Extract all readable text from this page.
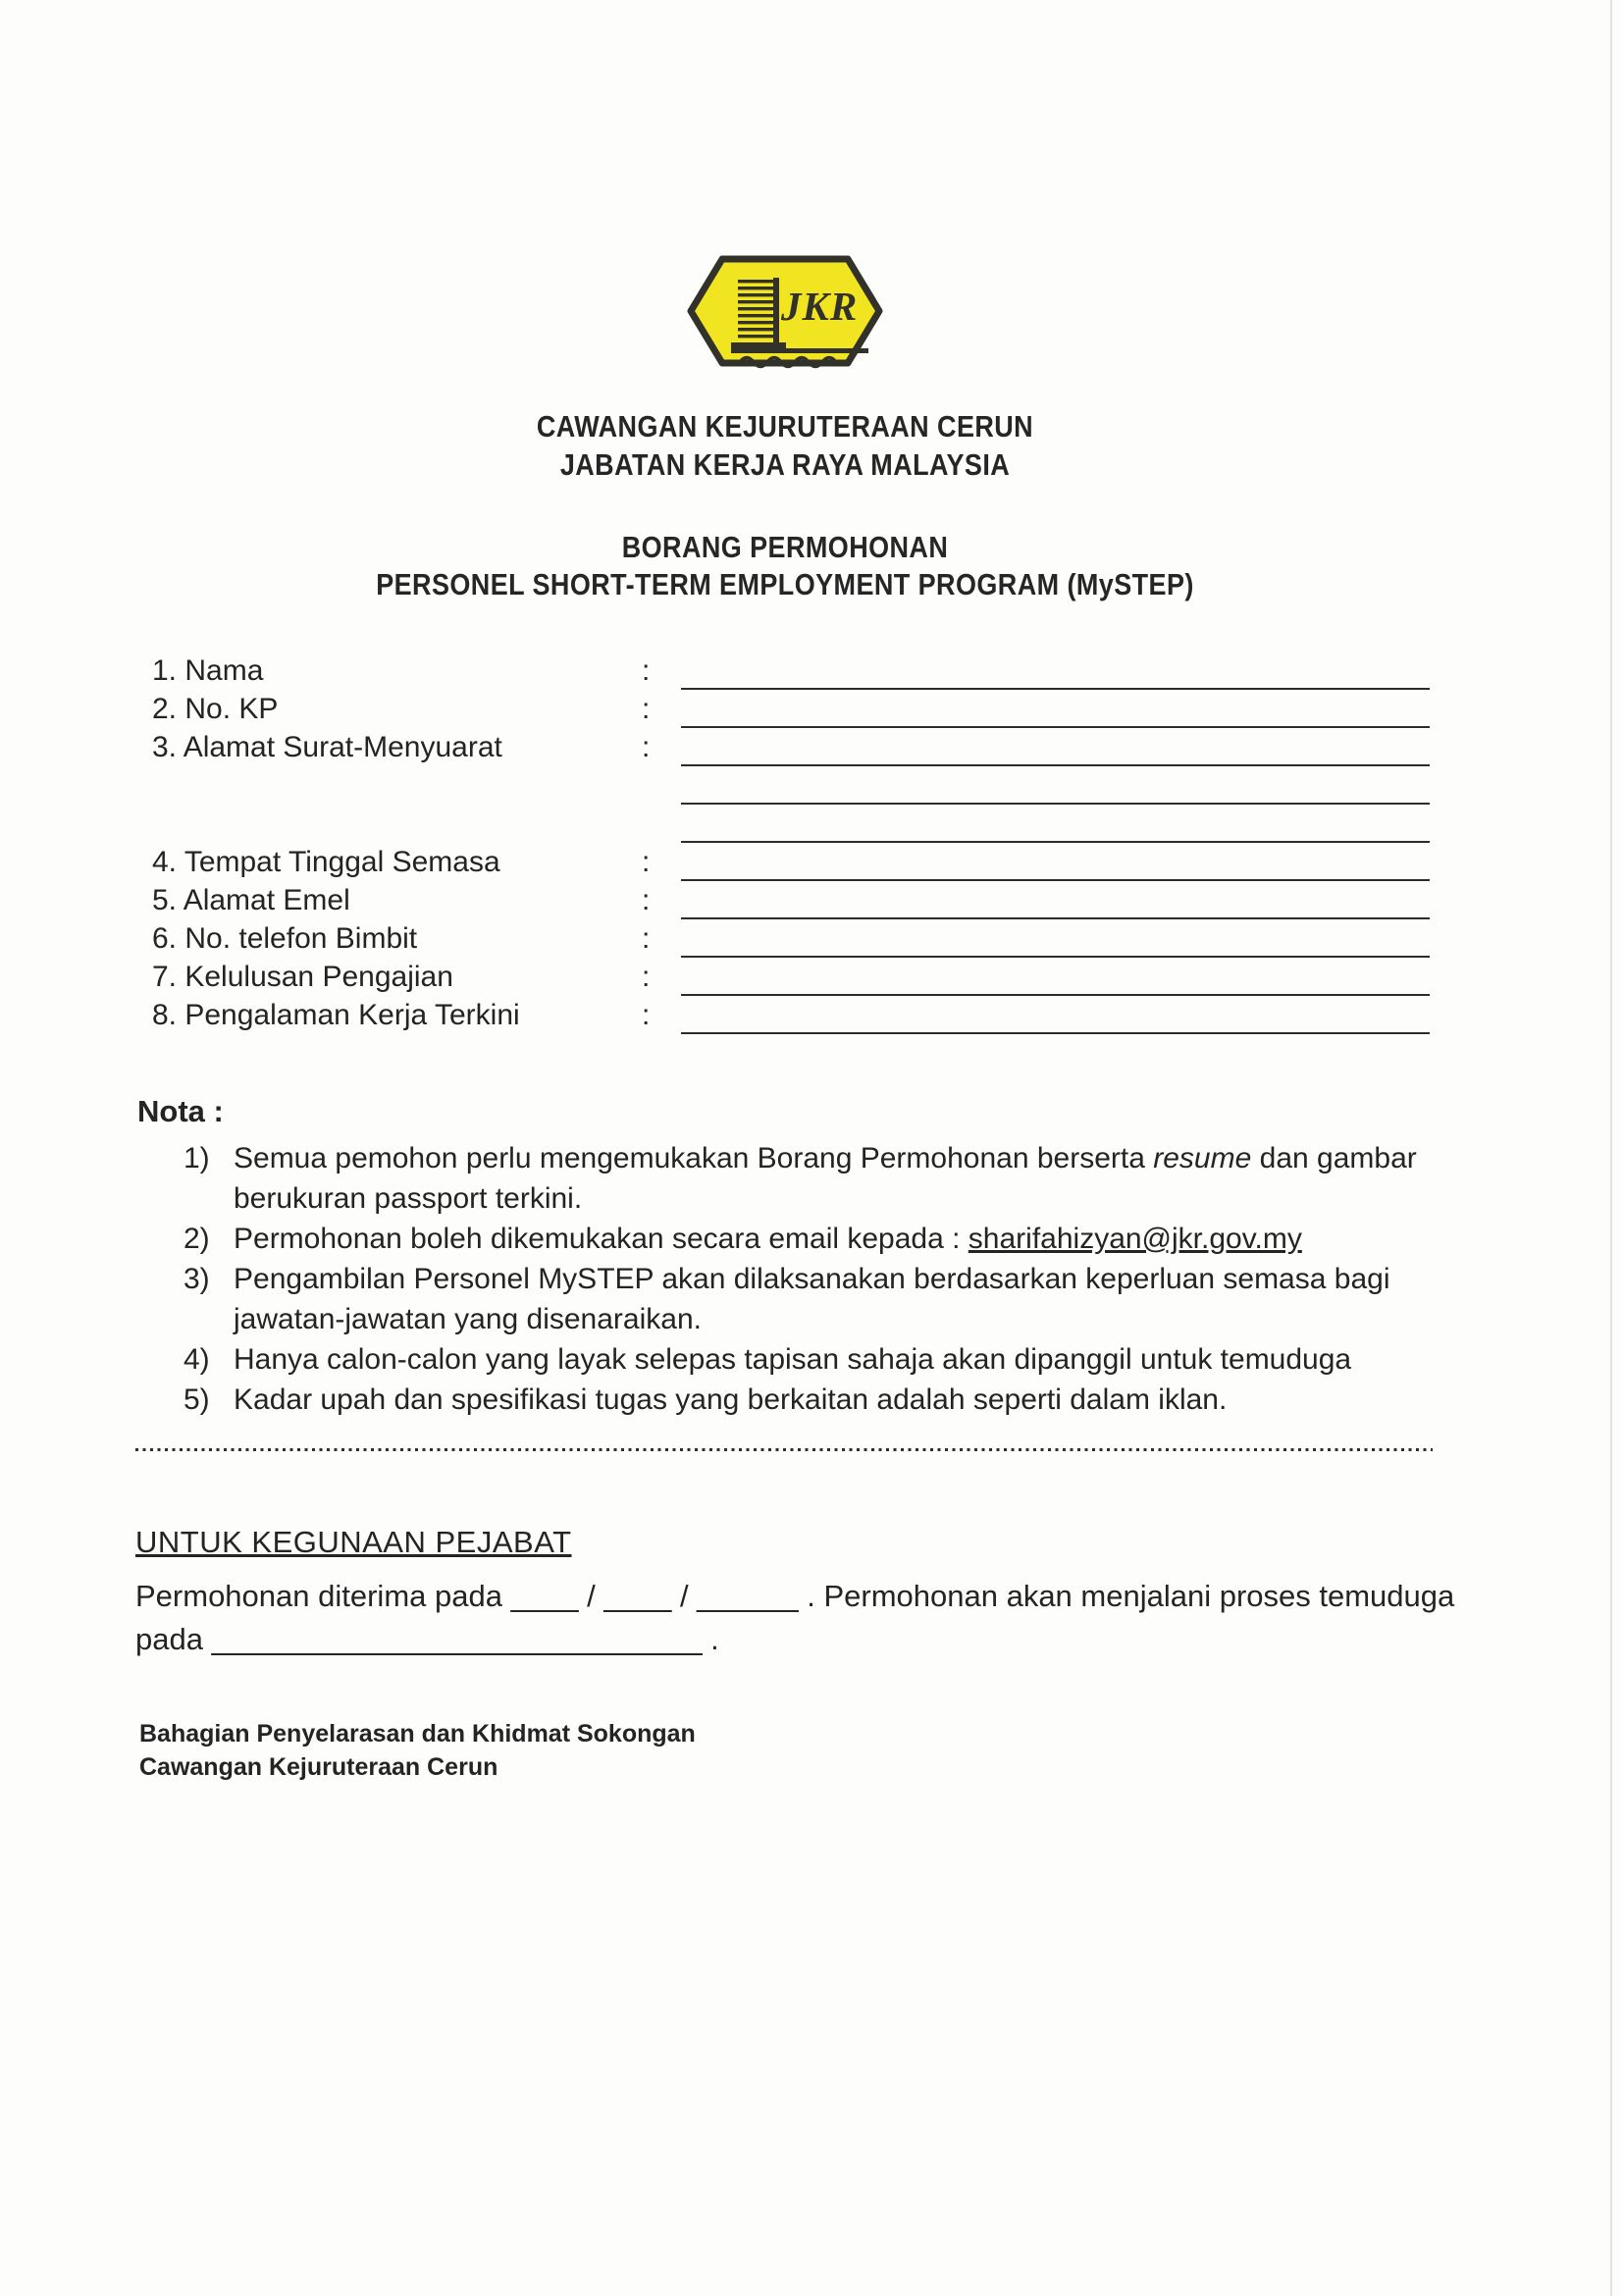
JKR
CAWANGAN KEJURUTERAAN CERUN
JABATAN KERJA RAYA MALAYSIA
BORANG PERMOHONAN
PERSONEL SHORT-TERM EMPLOYMENT PROGRAM (MySTEP)
1. Nama	:
2. No. KP	:
3. Alamat Surat-Menyuarat	:
4. Tempat Tinggal Semasa	:
5. Alamat Emel	:
6. No. telefon Bimbit	:
7. Kelulusan Pengajian	:
8. Pengalaman Kerja Terkini	:
Nota :
1) Semua pemohon perlu mengemukakan Borang Permohonan berserta resume dan gambar berukuran passport terkini.
2) Permohonan boleh dikemukakan secara email kepada : sharifahizyan@jkr.gov.my
3) Pengambilan Personel MySTEP akan dilaksanakan berdasarkan keperluan semasa bagi jawatan-jawatan yang disenaraikan.
4) Hanya calon-calon yang layak selepas tapisan sahaja akan dipanggil untuk temuduga
5) Kadar upah dan spesifikasi tugas yang berkaitan adalah seperti dalam iklan.
UNTUK KEGUNAAN PEJABAT
Permohonan diterima pada ____ / ____ / ______ . Permohonan akan menjalani proses temuduga
pada _____________________________ .
Bahagian Penyelarasan dan Khidmat Sokongan
Cawangan Kejuruteraan Cerun
